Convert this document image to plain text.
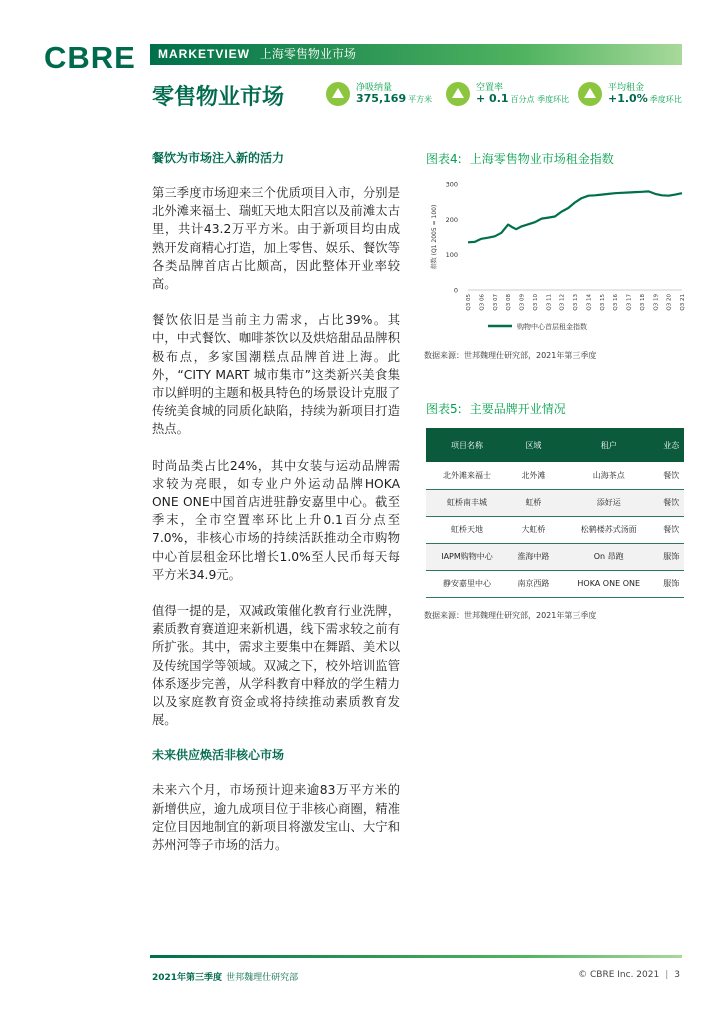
CBRE	MARKETVIEW 上海零售物业市场
零售物业市场	净吸纳量
375,169 平方米
空置率
+ 0.1 百分点 季度环比
平均租金
+1.0% 季度环比
餐饮为市场注入新的活力

第三季度市场迎来三个优质项目入市，分别是北外滩来福士、瑞虹天地太阳宫以及前滩太古里，共计43.2万平方米。由于新项目均由成熟开发商精心打造，加上零售、娱乐、餐饮等各类品牌首店占比颇高，因此整体开业率较高。

餐饮依旧是当前主力需求，占比39%。其中，中式餐饮、咖啡茶饮以及烘焙甜品品牌积极布点，多家国潮糕点品牌首进上海。此外，“CITY MART 城市集市”这类新兴美食集市以鲜明的主题和极具特色的场景设计克服了传统美食城的同质化缺陷，持续为新项目打造热点。

时尚品类占比24%，其中女装与运动品牌需求较为亮眼，如专业户外运动品牌HOKA ONE ONE中国首店进驻静安嘉里中心。截至季末，全市空置率环比上升0.1百分点至7.0%，非核心市场的持续活跃推动全市购物中心首层租金环比增长1.0%至人民币每天每平方米34.9元。

值得一提的是，双减政策催化教育行业洗牌，素质教育赛道迎来新机遇，线下需求较之前有所扩张。其中，需求主要集中在舞蹈、美术以及传统国学等领域。双减之下，校外培训监管体系逐步完善，从学科教育中释放的学生精力以及家庭教育资金或将持续推动素质教育发展。

未来供应焕活非核心市场

未来六个月，市场预计迎来逾83万平方米的新增供应，逾九成项目位于非核心商圈，精准定位目因地制宜的新项目将激发宝山、大宁和苏州河等子市场的活力。

图表4: 上海零售物业市场租金指数
0
100
200
300
指数 (Q1 2005 = 100)
Q3 05 Q3 06 Q3 07 Q3 08 Q3 09 Q3 10 Q3 11 Q3 12 Q3 13 Q3 14 Q3 15 Q3 16 Q3 17 Q3 18 Q3 19 Q3 20 Q3 21
购物中心首层租金指数
数据来源：世邦魏理仕研究部，2021年第三季度
图表5: 主要品牌开业情况
项目名称	区域	租户	业态
北外滩来福士	北外滩	山海茶点	餐饮
虹桥南丰城	虹桥	添好运	餐饮
虹桥天地	大虹桥	松鹤楼苏式汤面	餐饮
IAPM购物中心	淮海中路	On 昂跑	服饰
静安嘉里中心	南京西路	HOKA ONE ONE	服饰
数据来源：世邦魏理仕研究部，2021年第三季度
2021年第三季度 世邦魏理仕研究部	© CBRE Inc. 2021 | 3
